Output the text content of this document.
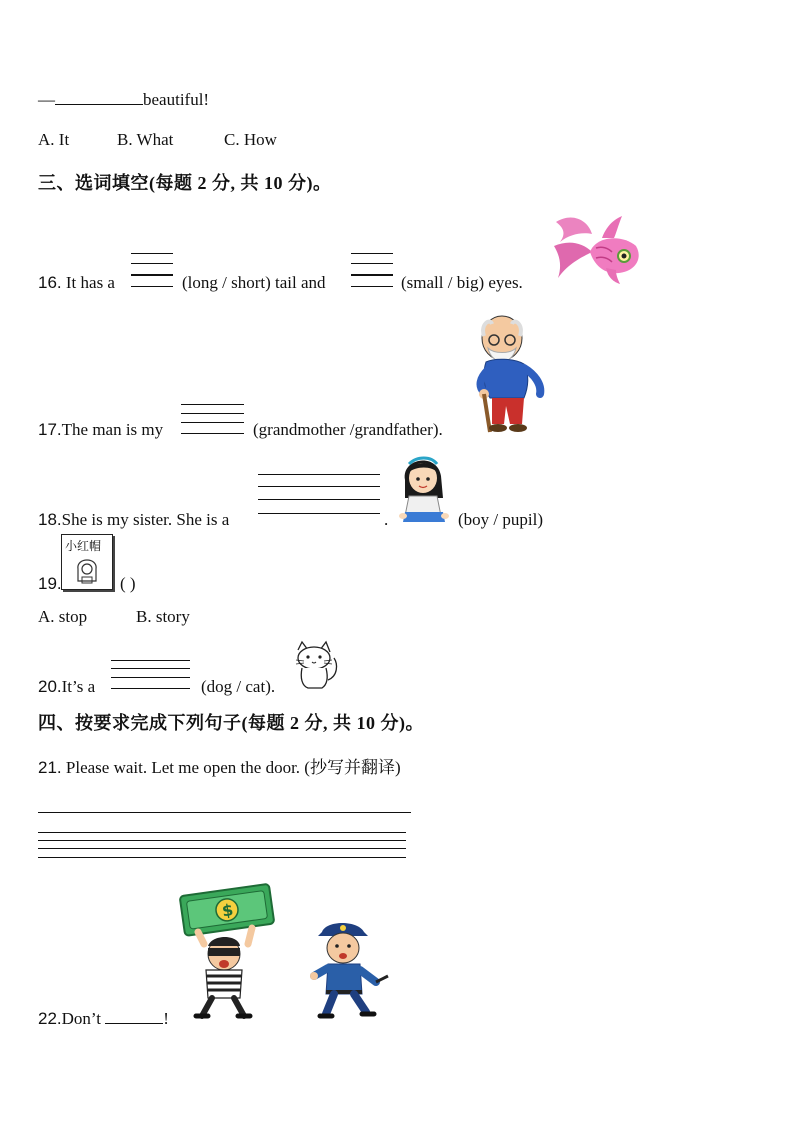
—	beautiful!
A. It	B. What	C. How
三、选词填空(每题 2 分, 共 10 分)。
16. It has a	(long / short) tail and	(small / big) eyes.
17.The man is my	(grandmother /grandfather).
18.She is my sister. She is a	.	(boy / pupil)
19.
小红帽
( )
A. stop	B. story
20.It’s a	(dog / cat).
四、按要求完成下列句子(每题 2 分, 共 10 分)。
21. Please wait. Let me open the door. (抄写并翻译)
$
22.Don’t	!
